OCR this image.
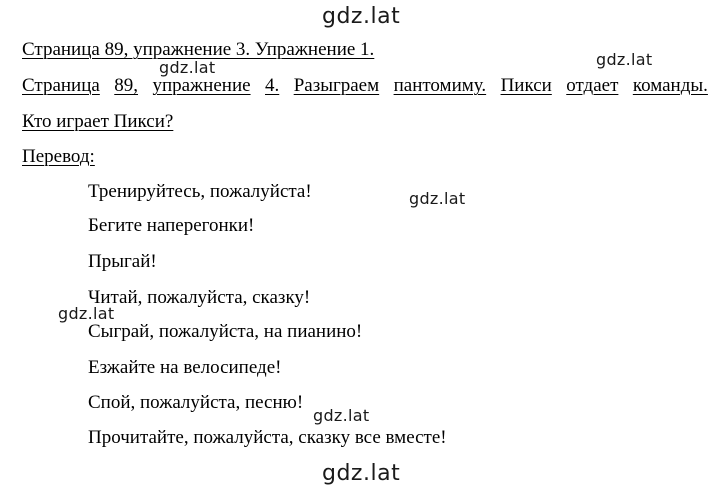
gdz.lat
gdz.lat
gdz.lat
gdz.lat
gdz.lat
gdz.lat
gdz.lat
Страница 89, упражнение 3. Упражнение 1.
Страница 89, упражнение 4. Разыграем пантомиму. Пикси отдает команды.
Кто играет Пикси?
Перевод:
Тренируйтесь, пожалуйста!
Бегите наперегонки!
Прыгай!
Читай, пожалуйста, сказку!
Сыграй, пожалуйста, на пианино!
Езжайте на велосипеде!
Спой, пожалуйста, песню!
Прочитайте, пожалуйста, сказку все вместе!
